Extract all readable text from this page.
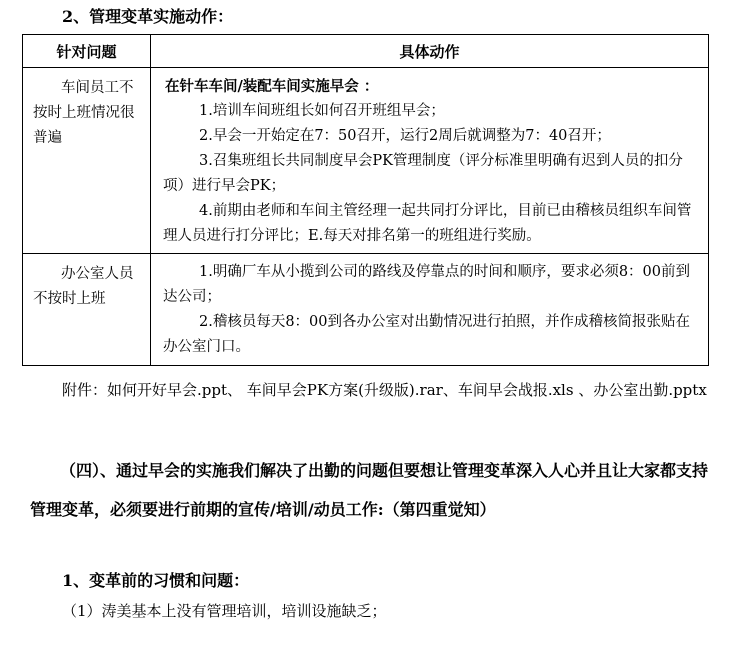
2、管理变革实施动作：
针对问题	具体动作

车间员工不按时上班情况很普遍	在针车车间/装配车间实施早会 ：
1.培训车间班组长如何召开班组早会；
2.早会一开始定在7：50召开，运行2周后就调整为7：40召开；
3.召集班组长共同制度早会PK管理制度（评分标准里明确有迟到人员的扣分项）进行早会PK；
4.前期由老师和车间主管经理一起共同打分评比，目前已由稽核员组织车间管理人员进行打分评比；E.每天对排名第一的班组进行奖励。

办公室人员不按时上班	1.明确厂车从小揽到公司的路线及停靠点的时间和顺序，要求必须8：00前到达公司；
2.稽核员每天8：00到各办公室对出勤情况进行拍照，并作成稽核简报张贴在办公室门口。
附件：如何开好早会.ppt、 车间早会PK方案(升级版).rar、车间早会战报.xls 、办公室出勤.pptx
（四）、通过早会的实施我们解决了出勤的问题但要想让管理变革深入人心并且让大家都支持管理变革，必须要进行前期的宣传/培训/动员工作:（第四重觉知）
1、变革前的习惯和问题：
（1）涛美基本上没有管理培训，培训设施缺乏；
